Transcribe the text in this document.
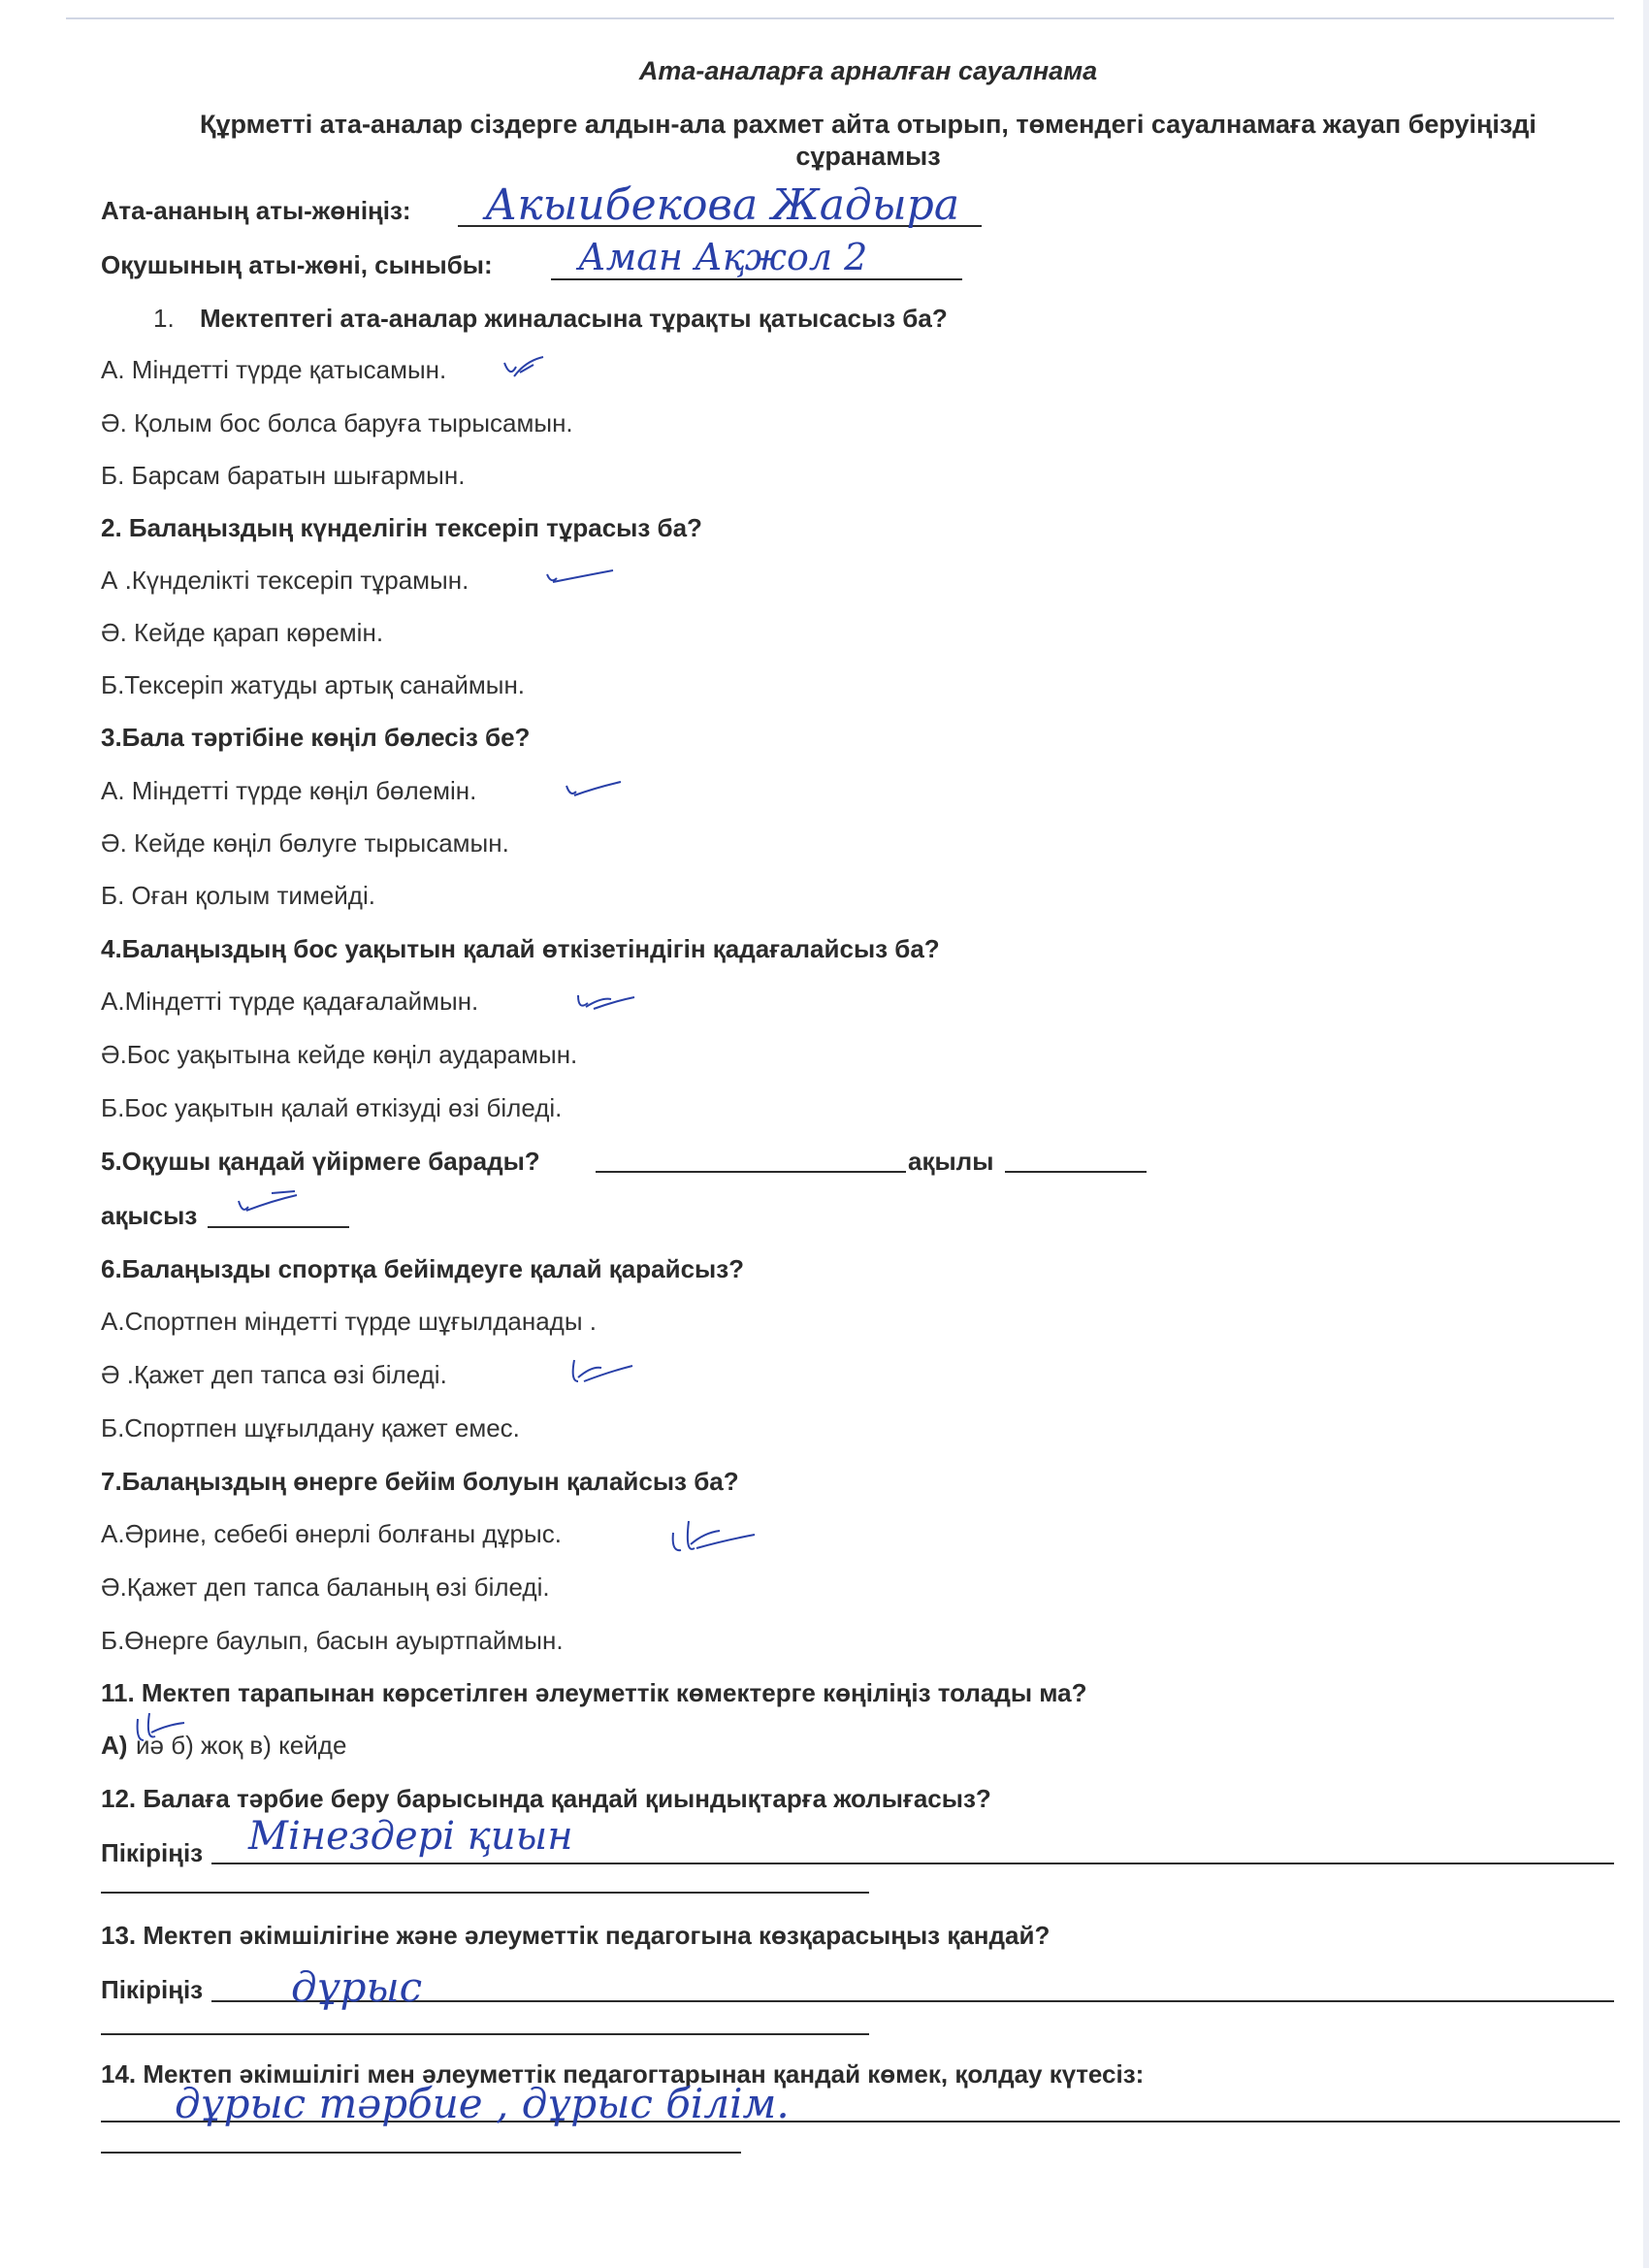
Ата-аналарға арналған сауалнама
Құрметті ата-аналар сіздерге алдын-ала рахмет айта отырып, төмендегі сауалнамаға жауап беруіңізді
сұранамыз
Ата-ананың аты-жөніңіз: Акыибекова Жадыра
Оқушының аты-жөні, сыныбы: Аман Ақжол 2
1. Мектептегі ата-аналар жиналасына тұрақты қатысасыз ба?
А. Міндетті түрде қатысамын.
Ә. Қолым бос болса баруға тырысамын.
Б. Барсам баратын шығармын.
2. Балаңыздың күнделігін тексеріп тұрасыз ба?
А .Күнделікті тексеріп тұрамын.
Ә. Кейде қарап көремін.
Б.Тексеріп жатуды артық санаймын.
3.Бала тәртібіне көңіл бөлесіз бе?
А. Міндетті түрде көңіл бөлемін.
Ә. Кейде көңіл бөлуге тырысамын.
Б. Оған қолым тимейді.
4.Балаңыздың бос уақытын қалай өткізетіндігін қадағалайсыз ба?
А.Міндетті түрде қадағалаймын.
Ә.Бос уақытына кейде көңіл аударамын.
Б.Бос уақытын қалай өткізуді өзі біледі.
5.Оқушы қандай үйірмеге барады?	ақылы
ақысыз
6.Балаңызды спортқа бейімдеуге қалай қарайсыз?
А.Спортпен міндетті түрде шұғылданады .
Ә .Қажет деп тапса өзі біледі.
Б.Спортпен шұғылдану қажет емес.
7.Балаңыздың өнерге бейім болуын қалайсыз ба?
А.Әрине, себебі өнерлі болғаны дұрыс.
Ә.Қажет деп тапса баланың өзі біледі.
Б.Өнерге баулып, басын ауыртпаймын.
11. Мектеп тарапынан көрсетілген әлеуметтік көмектерге көңіліңіз толады ма?
А) иә б) жоқ в) кейде
12. Балаға тәрбие беру барысында қандай қиындықтарға жолығасыз?
Пікіріңіз Мінездері қиын
13. Мектеп әкімшілігіне және әлеуметтік педагогына көзқарасыңыз қандай?
Пікіріңіз дұрыс
14. Мектеп әкімшілігі мен әлеуметтік педагогтарынан қандай көмек, қолдау күтесіз:
дұрыс тәрбие , дұрыс білім.
